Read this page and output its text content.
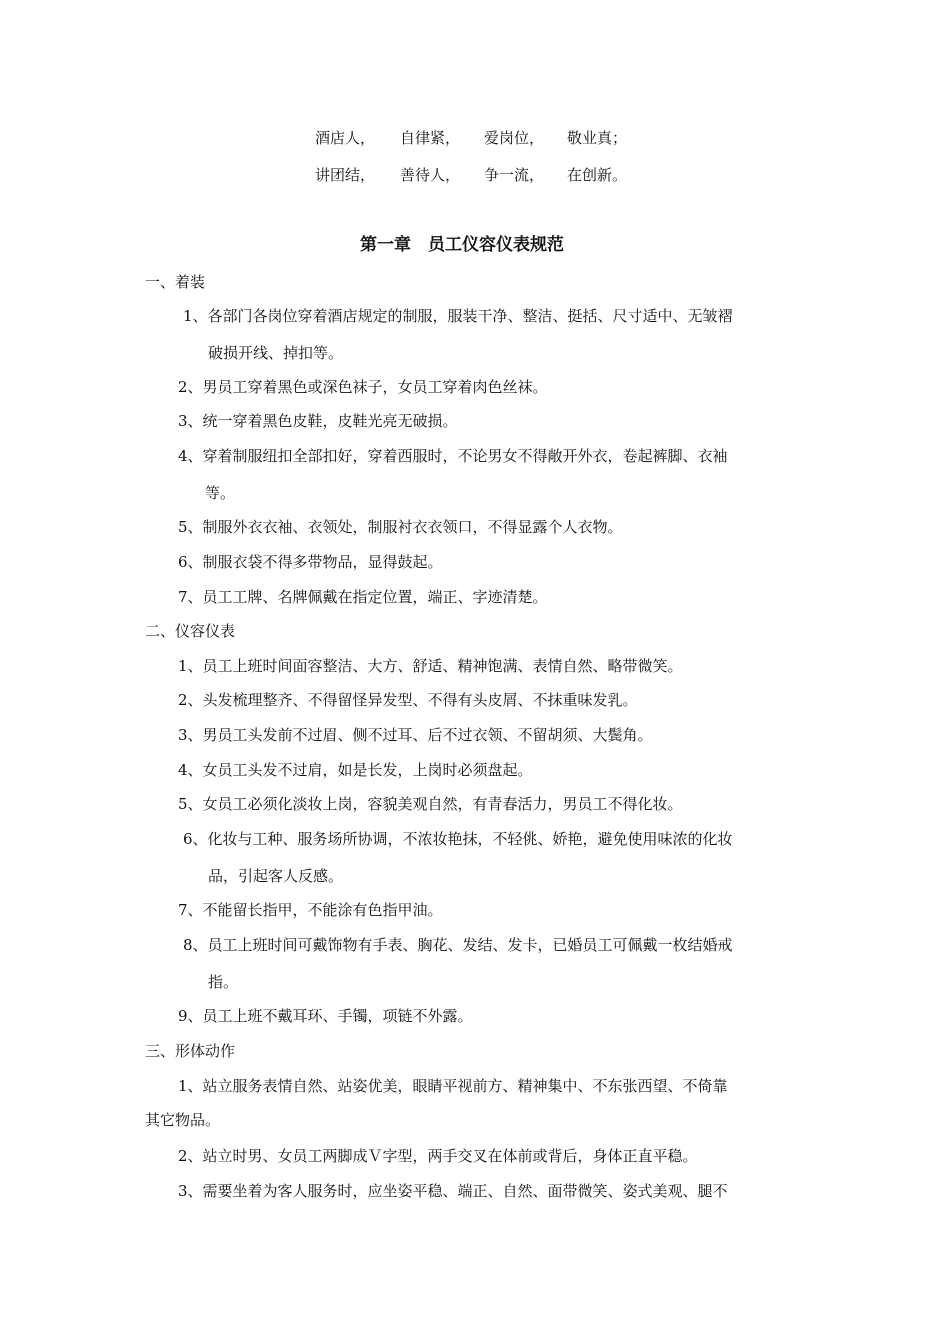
酒店人， 自律紧， 爱岗位， 敬业真；
讲团结， 善待人， 争一流， 在创新。
第一章　员工仪容仪表规范
一、着装
1、各部门各岗位穿着酒店规定的制服，服装干净、整洁、挺括、尺寸适中、无皱褶
破损开线、掉扣等。
2、男员工穿着黑色或深色袜子，女员工穿着肉色丝袜。
3、统一穿着黑色皮鞋，皮鞋光亮无破损。
4、穿着制服纽扣全部扣好，穿着西服时，不论男女不得敞开外衣，卷起裤脚、衣袖
等。
5、制服外衣衣袖、衣领处，制服衬衣衣领口，不得显露个人衣物。
6、制服衣袋不得多带物品，显得鼓起。
7、员工工牌、名牌佩戴在指定位置，端正、字迹清楚。
二、仪容仪表
1、员工上班时间面容整洁、大方、舒适、精神饱满、表情自然、略带微笑。
2、头发梳理整齐、不得留怪异发型、不得有头皮屑、不抹重味发乳。
3、男员工头发前不过眉、侧不过耳、后不过衣领、不留胡须、大鬓角。
4、女员工头发不过肩，如是长发，上岗时必须盘起。
5、女员工必须化淡妆上岗，容貌美观自然，有青春活力，男员工不得化妆。
6、化妆与工种、服务场所协调，不浓妆艳抹，不轻佻、娇艳，避免使用味浓的化妆
品，引起客人反感。
7、不能留长指甲，不能涂有色指甲油。
8、员工上班时间可戴饰物有手表、胸花、发结、发卡，已婚员工可佩戴一枚结婚戒
指。
9、员工上班不戴耳环、手镯，项链不外露。
三、形体动作
1、站立服务表情自然、站姿优美，眼睛平视前方、精神集中、不东张西望、不倚靠
其它物品。
2、站立时男、女员工两脚成Ｖ字型，两手交叉在体前或背后，身体正直平稳。
3、需要坐着为客人服务时，应坐姿平稳、端正、自然、面带微笑、姿式美观、腿不
